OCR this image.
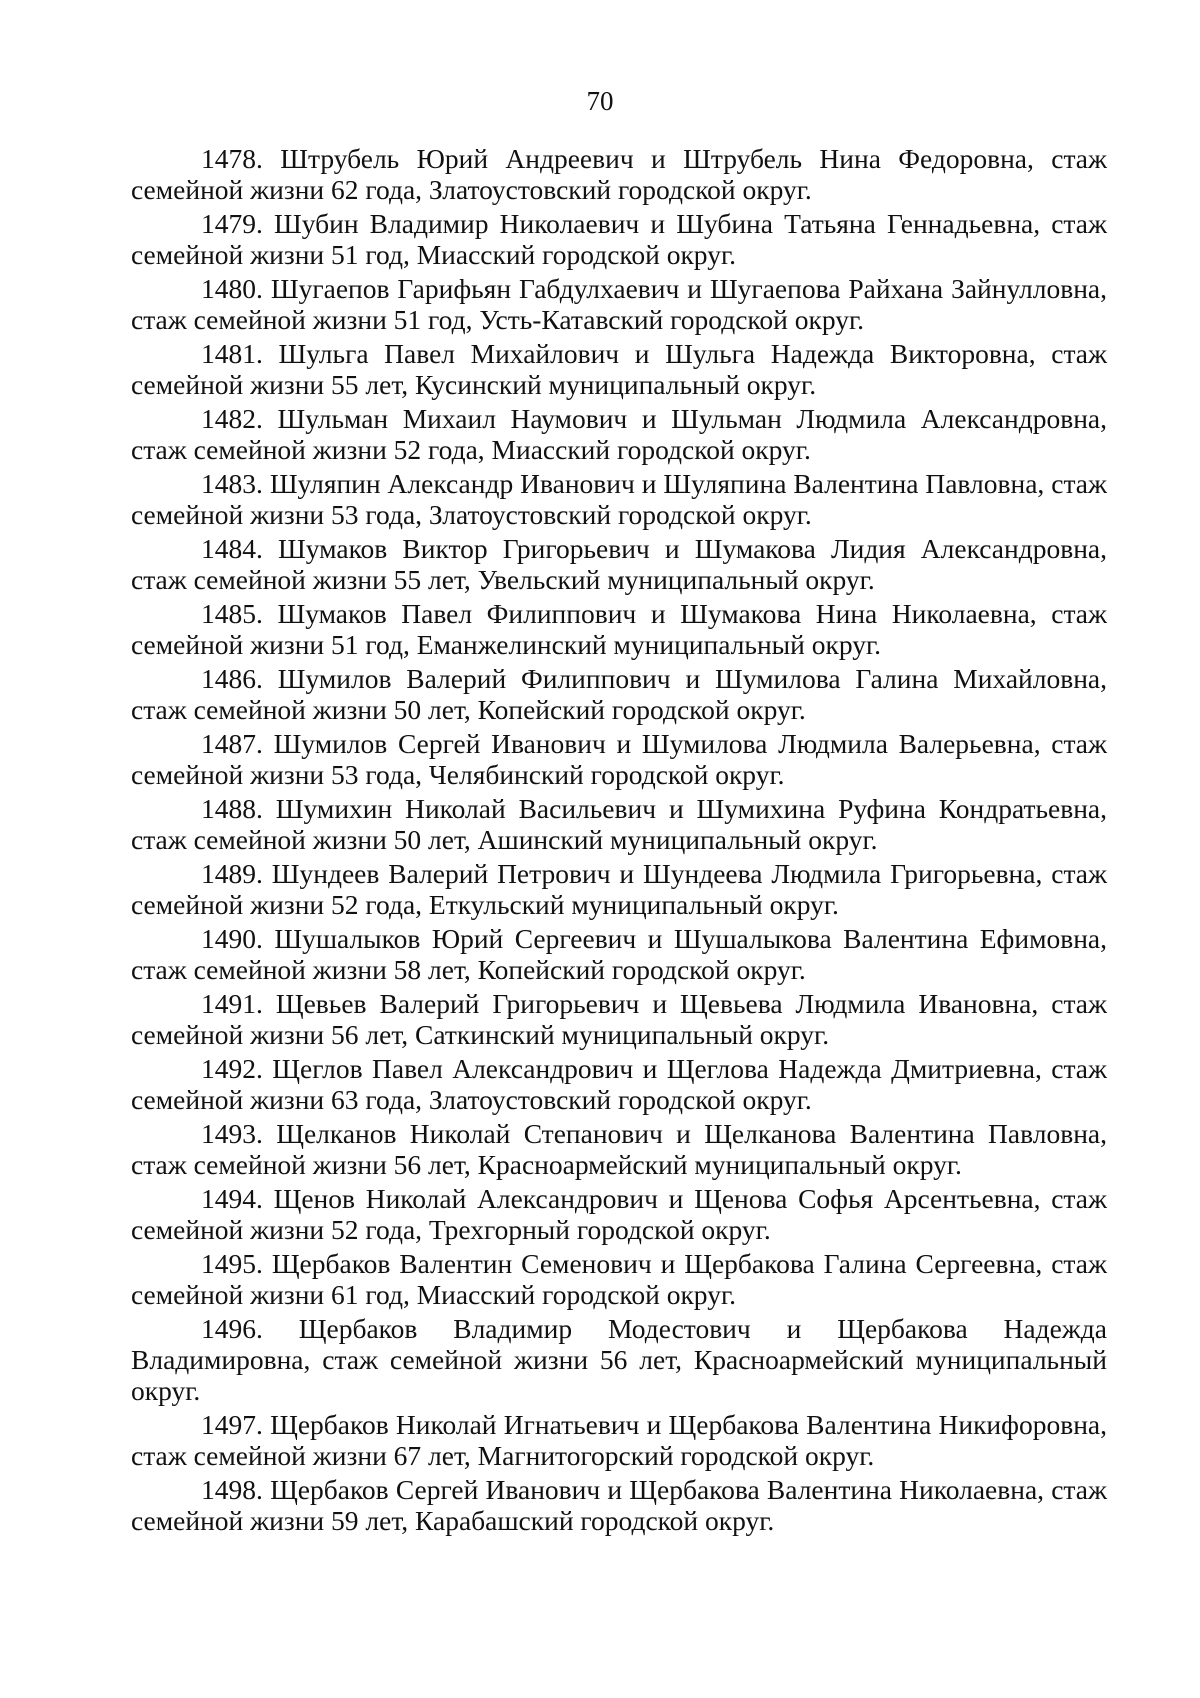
70

1478. Штрубель Юрий Андреевич и Штрубель Нина Федоровна, стаж семейной жизни 62 года, Златоустовский городской округ.

1479. Шубин Владимир Николаевич и Шубина Татьяна Геннадьевна, стаж семейной жизни 51 год, Миасский городской округ.

1480. Шугаепов Гарифьян Габдулхаевич и Шугаепова Райхана Зайнулловна, стаж семейной жизни 51 год, Усть-Катавский городской округ.

1481. Шульга Павел Михайлович и Шульга Надежда Викторовна, стаж семейной жизни 55 лет, Кусинский муниципальный округ.

1482. Шульман Михаил Наумович и Шульман Людмила Александровна, стаж семейной жизни 52 года, Миасский городской округ.

1483. Шуляпин Александр Иванович и Шуляпина Валентина Павловна, стаж семейной жизни 53 года, Златоустовский городской округ.

1484. Шумаков Виктор Григорьевич и Шумакова Лидия Александровна, стаж семейной жизни 55 лет, Увельский муниципальный округ.

1485. Шумаков Павел Филиппович и Шумакова Нина Николаевна, стаж семейной жизни 51 год, Еманжелинский муниципальный округ.

1486. Шумилов Валерий Филиппович и Шумилова Галина Михайловна, стаж семейной жизни 50 лет, Копейский городской округ.

1487. Шумилов Сергей Иванович и Шумилова Людмила Валерьевна, стаж семейной жизни 53 года, Челябинский городской округ.

1488. Шумихин Николай Васильевич и Шумихина Руфина Кондратьевна, стаж семейной жизни 50 лет, Ашинский муниципальный округ.

1489. Шундеев Валерий Петрович и Шундеева Людмила Григорьевна, стаж семейной жизни 52 года, Еткульский муниципальный округ.

1490. Шушалыков Юрий Сергеевич и Шушалыкова Валентина Ефимовна, стаж семейной жизни 58 лет, Копейский городской округ.

1491. Щевьев Валерий Григорьевич и Щевьева Людмила Ивановна, стаж семейной жизни 56 лет, Саткинский муниципальный округ.

1492. Щеглов Павел Александрович и Щеглова Надежда Дмитриевна, стаж семейной жизни 63 года, Златоустовский городской округ.

1493. Щелканов Николай Степанович и Щелканова Валентина Павловна, стаж семейной жизни 56 лет, Красноармейский муниципальный округ.

1494. Щенов Николай Александрович и Щенова Софья Арсентьевна, стаж семейной жизни 52 года, Трехгорный городской округ.

1495. Щербаков Валентин Семенович и Щербакова Галина Сергеевна, стаж семейной жизни 61 год, Миасский городской округ.

1496. Щербаков Владимир Модестович и Щербакова Надежда Владимировна, стаж семейной жизни 56 лет, Красноармейский муниципальный округ.

1497. Щербаков Николай Игнатьевич и Щербакова Валентина Никифоровна, стаж семейной жизни 67 лет, Магнитогорский городской округ.

1498. Щербаков Сергей Иванович и Щербакова Валентина Николаевна, стаж семейной жизни 59 лет, Карабашский городской округ.
